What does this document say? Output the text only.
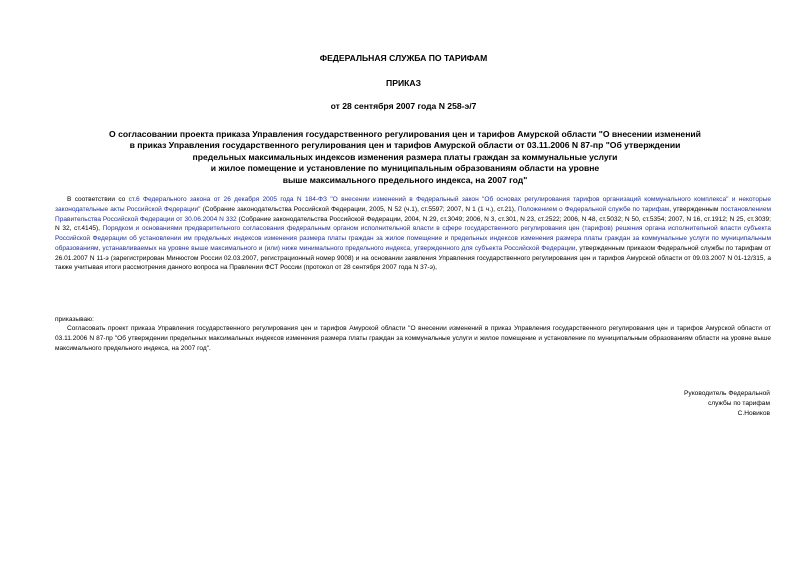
ФЕДЕРАЛЬНАЯ СЛУЖБА ПО ТАРИФАМ
ПРИКАЗ
от 28 сентября 2007 года N 258-э/7
О согласовании проекта приказа Управления государственного регулирования цен и тарифов Амурской области "О внесении изменений
в приказ Управления государственного регулирования цен и тарифов Амурской области от 03.11.2006 N 87-пр "Об утверждении
предельных максимальных индексов изменения размера платы граждан за коммунальные услуги
и жилое помещение и установление по муниципальным образованиям области на уровне
выше максимального предельного индекса, на 2007 год"

В соответствии со ст.6 Федерального закона от 26 декабря 2005 года N 184-ФЗ "О внесении изменений в Федеральный закон "Об основах регулирования тарифов организаций коммунального комплекса" и некоторые законодательные акты Российской Федерации" (Собрание законодательства Российской Федерации, 2005, N 52 (ч.1), ст.5597; 2007, N 1 (1 ч.), ст.21), Положением о Федеральной службе по тарифам, утвержденным постановлением Правительства Российской Федерации от 30.06.2004 N 332 (Собрание законодательства Российской Федерации, 2004, N 29, ст.3049; 2006, N 3, ст.301, N 23, ст.2522; 2006, N 48, ст.5032; N 50, ст.5354; 2007, N 16, ст.1912; N 25, ст.3039; N 32, ст.4145), Порядком и основаниями предварительного согласования федеральным органом исполнительной власти в сфере государственного регулирования цен (тарифов) решения органа исполнительной власти субъекта Российской Федерации об установлении им предельных индексов изменения размера платы граждан за жилое помещение и предельных индексов изменения размера платы граждан за коммунальные услуги по муниципальным образованиям, устанавливаемых на уровне выше максимального и (или) ниже минимального предельного индекса, утвержденного для субъекта Российской Федерации, утвержденным приказом Федеральной службы по тарифам от 26.01.2007 N 11-э (зарегистрирован Минюстом России 02.03.2007, регистрационный номер 9008) и на основании заявления Управления государственного регулирования цен и тарифов Амурской области от 09.03.2007 N 01-12/315, а также учитывая итоги рассмотрения данного вопроса на Правлении ФСТ России (протокол от 28 сентября 2007 года N 37-э),

приказываю:

Согласовать проект приказа Управления государственного регулирования цен и тарифов Амурской области "О внесении изменений в приказ Управления государственного регулирования цен и тарифов Амурской области от 03.11.2006 N 87-пр "Об утверждении предельных максимальных индексов изменения размера платы граждан за коммунальные услуги и жилое помещение и установление по муниципальным образованиям области на уровне выше максимального предельного индекса, на 2007 год".

Руководитель Федеральной
службы по тарифам
С.Новиков
